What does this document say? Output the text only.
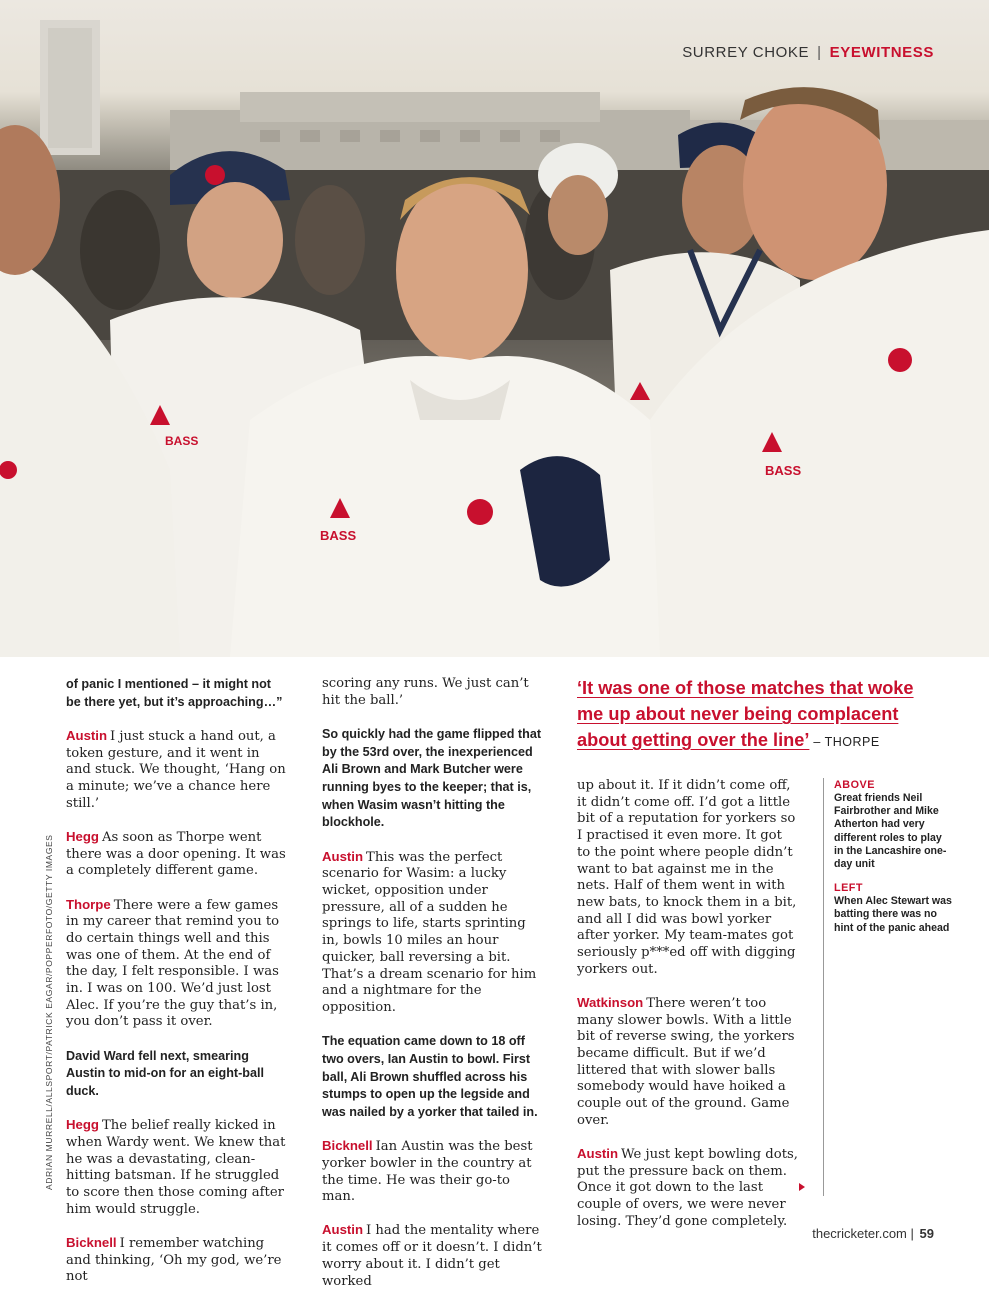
BASS
BASS
BASS
SURREY CHOKE | EYEWITNESS
ADRIAN MURRELL/ALLSPORT/PATRICK EAGAR/POPPERFOTO/GETTY IMAGES

of panic I mentioned – it might not be there yet, but it’s approaching…”

Austin I just stuck a hand out, a token gesture, and it went in and stuck. We thought, ‘Hang on a minute; we’ve a chance here still.’

Hegg As soon as Thorpe went there was a door opening. It was a completely different game.

Thorpe There were a few games in my career that remind you to do certain things well and this was one of them. At the end of the day, I felt responsible. I was in. I was on 100. We’d just lost Alec. If you’re the guy that’s in, you don’t pass it over.

David Ward fell next, smearing Austin to mid-on for an eight-ball duck.

Hegg The belief really kicked in when Wardy went. We knew that he was a devastating, clean-hitting batsman. If he struggled to score then those coming after him would struggle.

Bicknell I remember watching and thinking, ‘Oh my god, we’re not

scoring any runs. We just can’t hit the ball.’

So quickly had the game flipped that by the 53rd over, the inexperienced Ali Brown and Mark Butcher were running byes to the keeper; that is, when Wasim wasn’t hitting the blockhole.

Austin This was the perfect scenario for Wasim: a lucky wicket, opposition under pressure, all of a sudden he springs to life, starts sprinting in, bowls 10 miles an hour quicker, ball reversing a bit. That’s a dream scenario for him and a nightmare for the opposition.

The equation came down to 18 off two overs, Ian Austin to bowl. First ball, Ali Brown shuffled across his stumps to open up the legside and was nailed by a yorker that tailed in.

Bicknell Ian Austin was the best yorker bowler in the country at the time. He was their go-to man.

Austin I had the mentality where it comes off or it doesn’t. I didn’t worry about it. I didn’t get worked

‘It was one of those matches that woke
me up about never being complacent
about getting over the line’ – THORPE

up about it. If it didn’t come off, it didn’t come off. I’d got a little bit of a reputation for yorkers so I practised it even more. It got to the point where people didn’t want to bat against me in the nets. Half of them went in with new bats, to knock them in a bit, and all I did was bowl yorker after yorker. My team-mates got seriously p***ed off with digging yorkers out.

Watkinson There weren’t too many slower bowls. With a little bit of reverse swing, the yorkers became difficult. But if we’d littered that with slower balls somebody would have hoiked a couple out of the ground. Game over.

Austin We just kept bowling dots, put the pressure back on them. Once it got down to the last couple of overs, we were never losing. They’d gone completely.

ABOVE
Great friends Neil Fairbrother and Mike Atherton had very different roles to play in the Lancashire one-day unit
LEFT
When Alec Stewart was batting there was no hint of the panic ahead
thecricketer.com | 59
